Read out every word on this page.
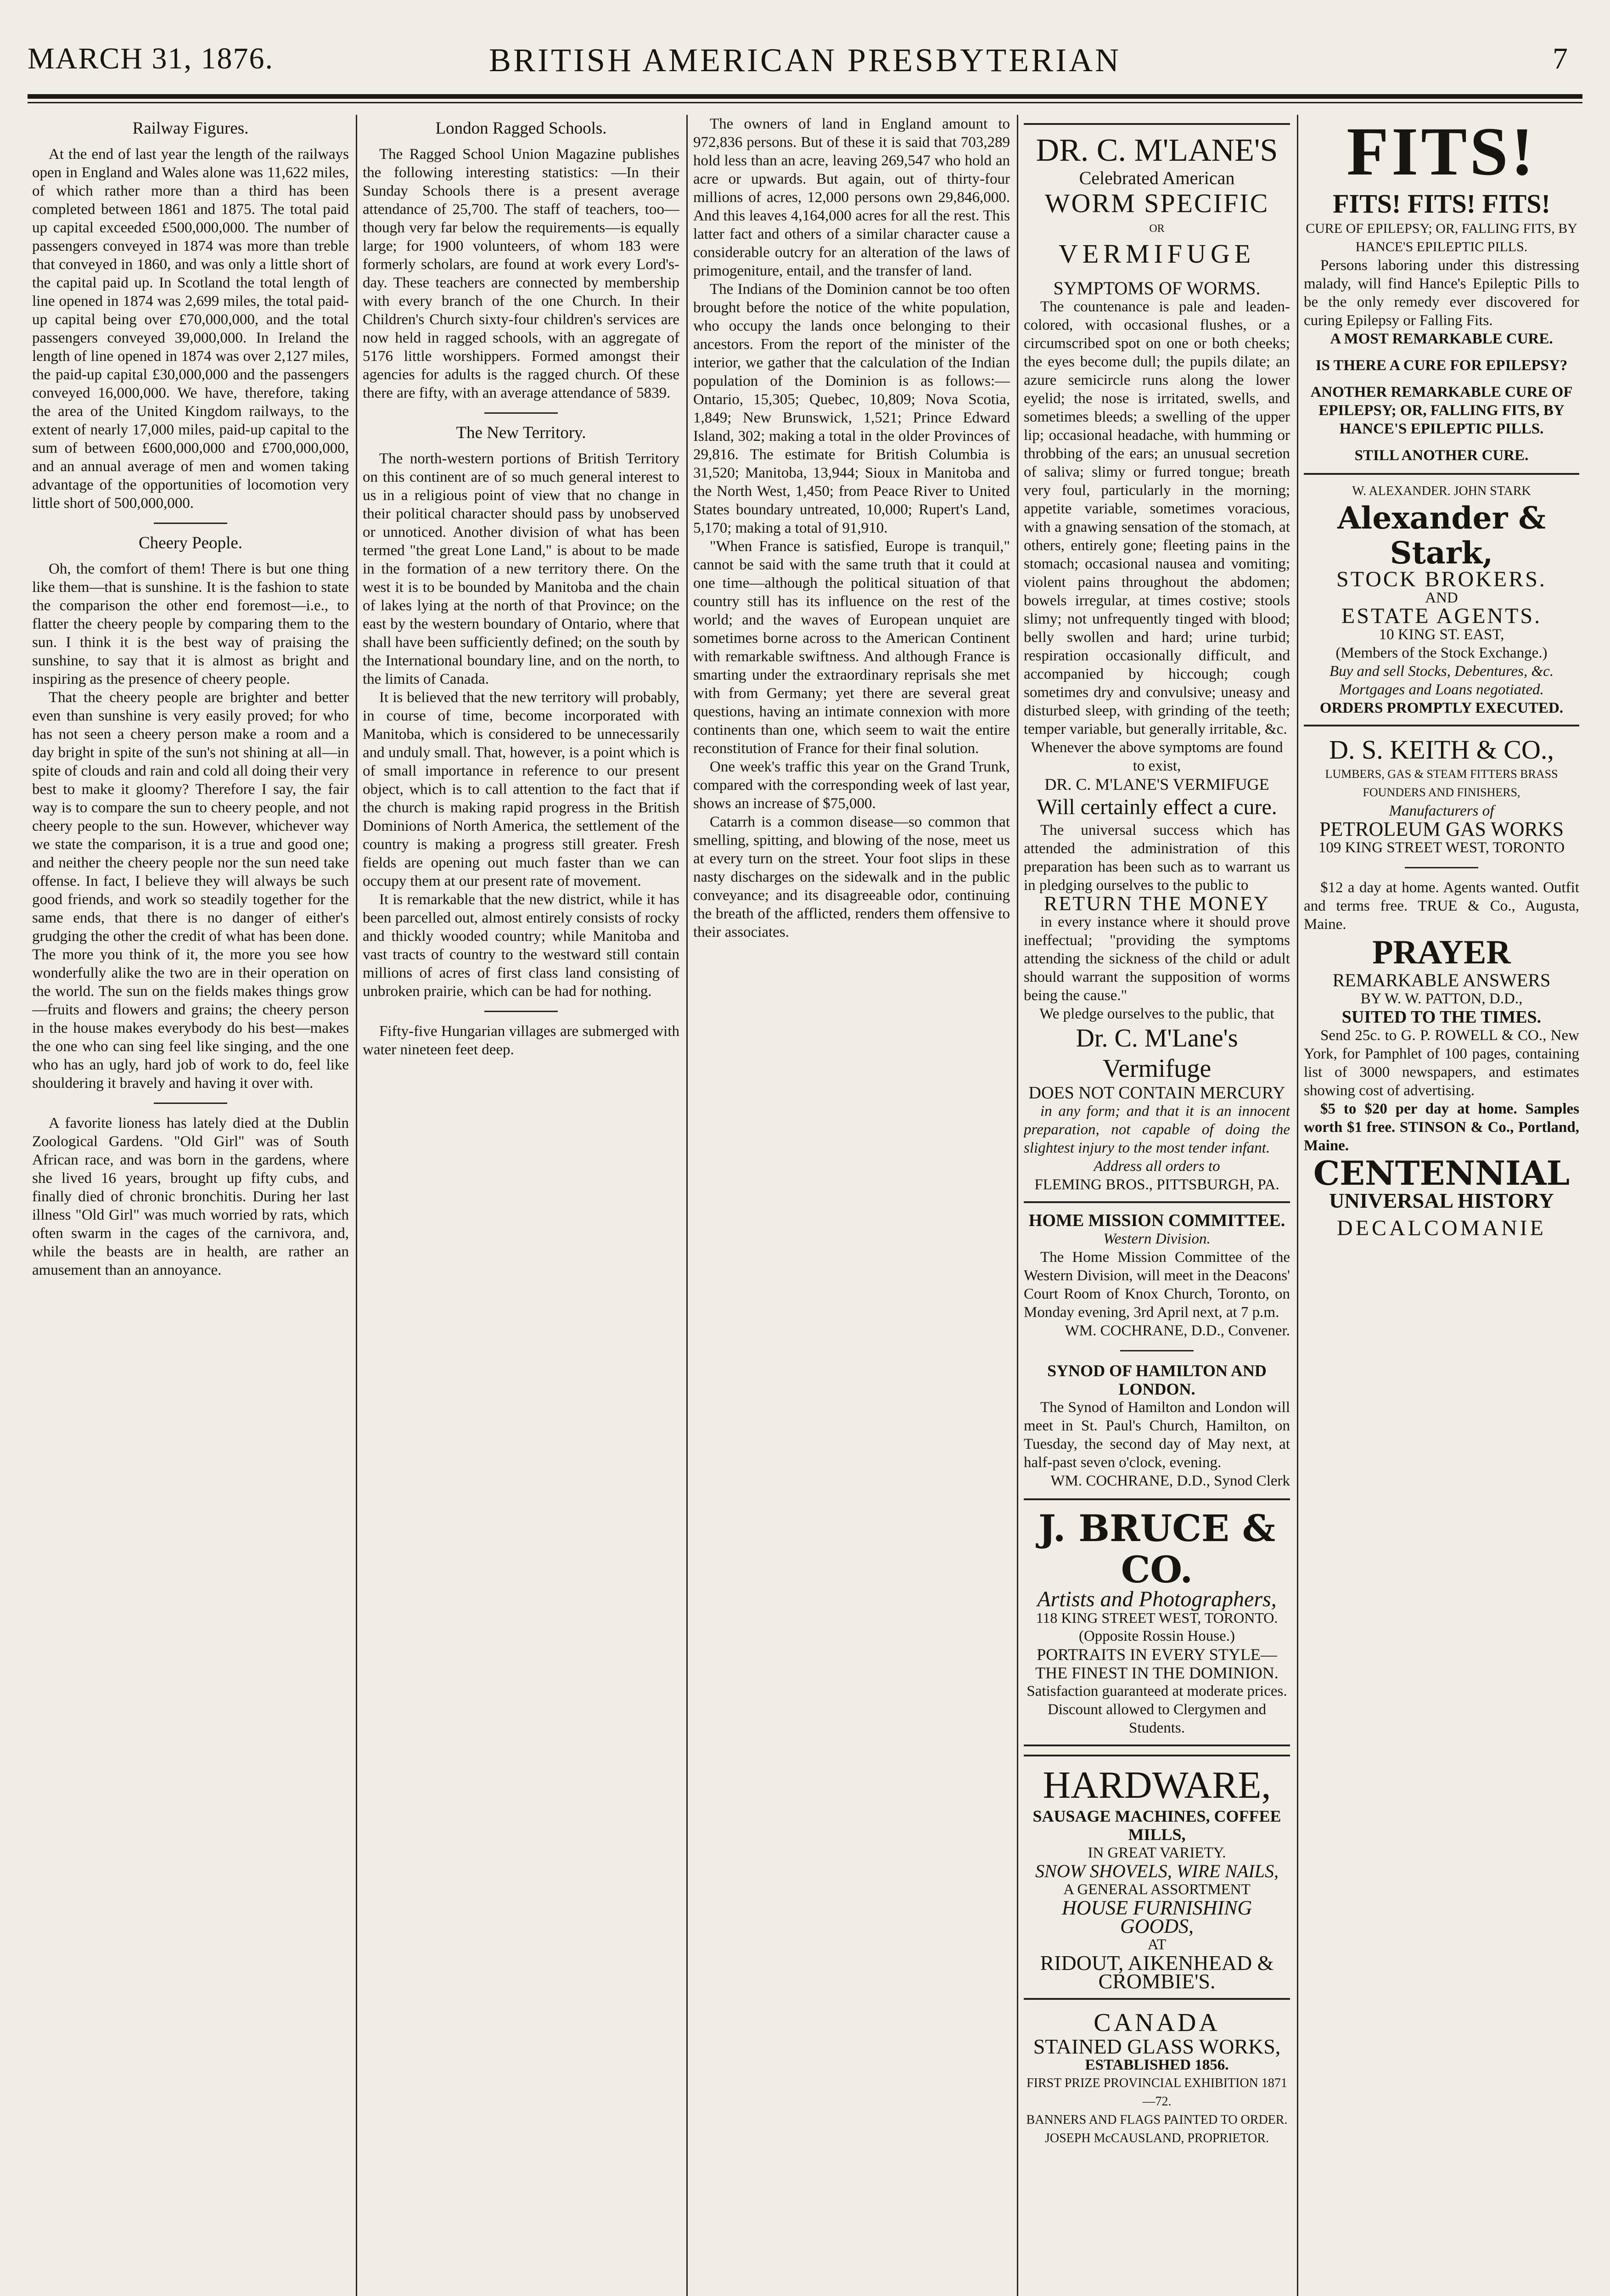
MARCH 31, 1876.	BRITISH AMERICAN PRESBYTERIAN	7
Railway Figures.

At the end of last year the length of the railways open in England and Wales alone was 11,622 miles, of which rather more than a third has been completed between 1861 and 1875. The total paid up capital exceeded £500,000,000. The number of passengers conveyed in 1874 was more than treble that conveyed in 1860, and was only a little short of the capital paid up. In Scotland the total length of line opened in 1874 was 2,699 miles, the total paid-up capital being over £70,000,000, and the total passengers conveyed 39,000,000. In Ireland the length of line opened in 1874 was over 2,127 miles, the paid-up capital £30,000,000 and the passengers conveyed 16,000,000. We have, therefore, taking the area of the United Kingdom railways, to the extent of nearly 17,000 miles, paid-up capital to the sum of between £600,000,000 and £700,000,000, and an annual average of men and women taking advantage of the opportunities of locomotion very little short of 500,000,000.

Cheery People.

Oh, the comfort of them! There is but one thing like them—that is sunshine. It is the fashion to state the comparison the other end foremost—i.e., to flatter the cheery people by comparing them to the sun. I think it is the best way of praising the sunshine, to say that it is almost as bright and inspiring as the presence of cheery people.

That the cheery people are brighter and better even than sunshine is very easily proved; for who has not seen a cheery person make a room and a day bright in spite of the sun's not shining at all—in spite of clouds and rain and cold all doing their very best to make it gloomy? Therefore I say, the fair way is to compare the sun to cheery people, and not cheery people to the sun. However, whichever way we state the comparison, it is a true and good one; and neither the cheery people nor the sun need take offense. In fact, I believe they will always be such good friends, and work so steadily together for the same ends, that there is no danger of either's grudging the other the credit of what has been done. The more you think of it, the more you see how wonderfully alike the two are in their operation on the world. The sun on the fields makes things grow—fruits and flowers and grains; the cheery person in the house makes everybody do his best—makes the one who can sing feel like singing, and the one who has an ugly, hard job of work to do, feel like shouldering it bravely and having it over with.

A favorite lioness has lately died at the Dublin Zoological Gardens. "Old Girl" was of South African race, and was born in the gardens, where she lived 16 years, brought up fifty cubs, and finally died of chronic bronchitis. During her last illness "Old Girl" was much worried by rats, which often swarm in the cages of the carnivora, and, while the beasts are in health, are rather an amusement than an annoyance.

London Ragged Schools.

The Ragged School Union Magazine publishes the following interesting statistics: —In their Sunday Schools there is a present average attendance of 25,700. The staff of teachers, too—though very far below the requirements—is equally large; for 1900 volunteers, of whom 183 were formerly scholars, are found at work every Lord's-day. These teachers are connected by membership with every branch of the one Church. In their Children's Church sixty-four children's services are now held in ragged schools, with an aggregate of 5176 little worshippers. Formed amongst their agencies for adults is the ragged church. Of these there are fifty, with an average attendance of 5839.

The New Territory.

The north-western portions of British Territory on this continent are of so much general interest to us in a religious point of view that no change in their political character should pass by unobserved or unnoticed. Another division of what has been termed "the great Lone Land," is about to be made in the formation of a new territory there. On the west it is to be bounded by Manitoba and the chain of lakes lying at the north of that Province; on the east by the western boundary of Ontario, where that shall have been sufficiently defined; on the south by the International boundary line, and on the north, to the limits of Canada.

It is believed that the new territory will probably, in course of time, become incorporated with Manitoba, which is considered to be unnecessarily and unduly small. That, however, is a point which is of small importance in reference to our present object, which is to call attention to the fact that if the church is making rapid progress in the British Dominions of North America, the settlement of the country is making a progress still greater. Fresh fields are opening out much faster than we can occupy them at our present rate of movement.

It is remarkable that the new district, while it has been parcelled out, almost entirely consists of rocky and thickly wooded country; while Manitoba and vast tracts of country to the westward still contain millions of acres of first class land consisting of unbroken prairie, which can be had for nothing.

Fifty-five Hungarian villages are submerged with water nineteen feet deep.

The owners of land in England amount to 972,836 persons. But of these it is said that 703,289 hold less than an acre, leaving 269,547 who hold an acre or upwards. But again, out of thirty-four millions of acres, 12,000 persons own 29,846,000. And this leaves 4,164,000 acres for all the rest. This latter fact and others of a similar character cause a considerable outcry for an alteration of the laws of primogeniture, entail, and the transfer of land.

The Indians of the Dominion cannot be too often brought before the notice of the white population, who occupy the lands once belonging to their ancestors. From the report of the minister of the interior, we gather that the calculation of the Indian population of the Dominion is as follows:—Ontario, 15,305; Quebec, 10,809; Nova Scotia, 1,849; New Brunswick, 1,521; Prince Edward Island, 302; making a total in the older Provinces of 29,816. The estimate for British Columbia is 31,520; Manitoba, 13,944; Sioux in Manitoba and the North West, 1,450; from Peace River to United States boundary untreated, 10,000; Rupert's Land, 5,170; making a total of 91,910.

"When France is satisfied, Europe is tranquil," cannot be said with the same truth that it could at one time—although the political situation of that country still has its influence on the rest of the world; and the waves of European unquiet are sometimes borne across to the American Continent with remarkable swiftness. And although France is smarting under the extraordinary reprisals she met with from Germany; yet there are several great questions, having an intimate connexion with more continents than one, which seem to wait the entire reconstitution of France for their final solution.

One week's traffic this year on the Grand Trunk, compared with the corresponding week of last year, shows an increase of $75,000.

Catarrh is a common disease—so common that smelling, spitting, and blowing of the nose, meet us at every turn on the street. Your foot slips in these nasty discharges on the sidewalk and in the public conveyance; and its disagreeable odor, continuing the breath of the afflicted, renders them offensive to their associates.

DR. C. M'LANE'S
Celebrated American
WORM SPECIFIC
OR
VERMIFUGE
SYMPTOMS OF WORMS.

The countenance is pale and leaden-colored, with occasional flushes, or a circumscribed spot on one or both cheeks; the eyes become dull; the pupils dilate; an azure semicircle runs along the lower eyelid; the nose is irritated, swells, and sometimes bleeds; a swelling of the upper lip; occasional headache, with humming or throbbing of the ears; an unusual secretion of saliva; slimy or furred tongue; breath very foul, particularly in the morning; appetite variable, sometimes voracious, with a gnawing sensation of the stomach, at others, entirely gone; fleeting pains in the stomach; occasional nausea and vomiting; violent pains throughout the abdomen; bowels irregular, at times costive; stools slimy; not unfrequently tinged with blood; belly swollen and hard; urine turbid; respiration occasionally difficult, and accompanied by hiccough; cough sometimes dry and convulsive; uneasy and disturbed sleep, with grinding of the teeth; temper variable, but generally irritable, &c.

Whenever the above symptoms are found to exist,
DR. C. M'LANE'S VERMIFUGE
Will certainly effect a cure.

The universal success which has attended the administration of this preparation has been such as to warrant us in pledging ourselves to the public to

RETURN THE MONEY

in every instance where it should prove ineffectual; "providing the symptoms attending the sickness of the child or adult should warrant the supposition of worms being the cause."

We pledge ourselves to the public, that
Dr. C. M'Lane's Vermifuge
DOES NOT CONTAIN MERCURY

in any form; and that it is an innocent preparation, not capable of doing the slightest injury to the most tender infant.

Address all orders to
FLEMING BROS., PITTSBURGH, PA.
HOME MISSION COMMITTEE.
Western Division.

The Home Mission Committee of the Western Division, will meet in the Deacons' Court Room of Knox Church, Toronto, on Monday evening, 3rd April next, at 7 p.m.

WM. COCHRANE, D.D., Convener.
SYNOD OF HAMILTON AND LONDON.

The Synod of Hamilton and London will meet in St. Paul's Church, Hamilton, on Tuesday, the second day of May next, at half-past seven o'clock, evening.

WM. COCHRANE, D.D., Synod Clerk
J. BRUCE & CO.
Artists and Photographers,
118 KING STREET WEST, TORONTO.
(Opposite Rossin House.)
PORTRAITS IN EVERY STYLE—THE FINEST IN THE DOMINION.
Satisfaction guaranteed at moderate prices.
Discount allowed to Clergymen and Students.
HARDWARE,
SAUSAGE MACHINES, COFFEE MILLS,
IN GREAT VARIETY.
SNOW SHOVELS, WIRE NAILS,
A GENERAL ASSORTMENT
HOUSE FURNISHING GOODS,
AT
RIDOUT, AIKENHEAD & CROMBIE'S.
CANADA
STAINED GLASS WORKS,
ESTABLISHED 1856.
FIRST PRIZE PROVINCIAL EXHIBITION 1871—72.
BANNERS AND FLAGS PAINTED TO ORDER.
JOSEPH McCAUSLAND, PROPRIETOR.
FITS!
FITS! FITS! FITS!
CURE OF EPILEPSY; OR, FALLING FITS, BY HANCE'S EPILEPTIC PILLS.

Persons laboring under this distressing malady, will find Hance's Epileptic Pills to be the only remedy ever discovered for curing Epilepsy or Falling Fits.

A MOST REMARKABLE CURE.
IS THERE A CURE FOR EPILEPSY?
ANOTHER REMARKABLE CURE OF EPILEPSY; OR, FALLING FITS, BY HANCE'S EPILEPTIC PILLS.
STILL ANOTHER CURE.
W. ALEXANDER. JOHN STARK
Alexander & Stark,
STOCK BROKERS.
AND
ESTATE AGENTS.
10 KING ST. EAST,
(Members of the Stock Exchange.)
Buy and sell Stocks, Debentures, &c. Mortgages and Loans negotiated.
ORDERS PROMPTLY EXECUTED.
D. S. KEITH & CO.,
LUMBERS, GAS & STEAM FITTERS BRASS FOUNDERS AND FINISHERS,
Manufacturers of
PETROLEUM GAS WORKS
109 KING STREET WEST, TORONTO

$12 a day at home. Agents wanted. Outfit and terms free. TRUE & Co., Augusta, Maine.

PRAYER
REMARKABLE ANSWERS
BY W. W. PATTON, D.D.,
SUITED TO THE TIMES.

Send 25c. to G. P. ROWELL & CO., New York, for Pamphlet of 100 pages, containing list of 3000 newspapers, and estimates showing cost of advertising.

$5 to $20 per day at home. Samples worth $1 free. STINSON & Co., Portland, Maine.

CENTENNIAL
UNIVERSAL HISTORY
DECALCOMANIE
